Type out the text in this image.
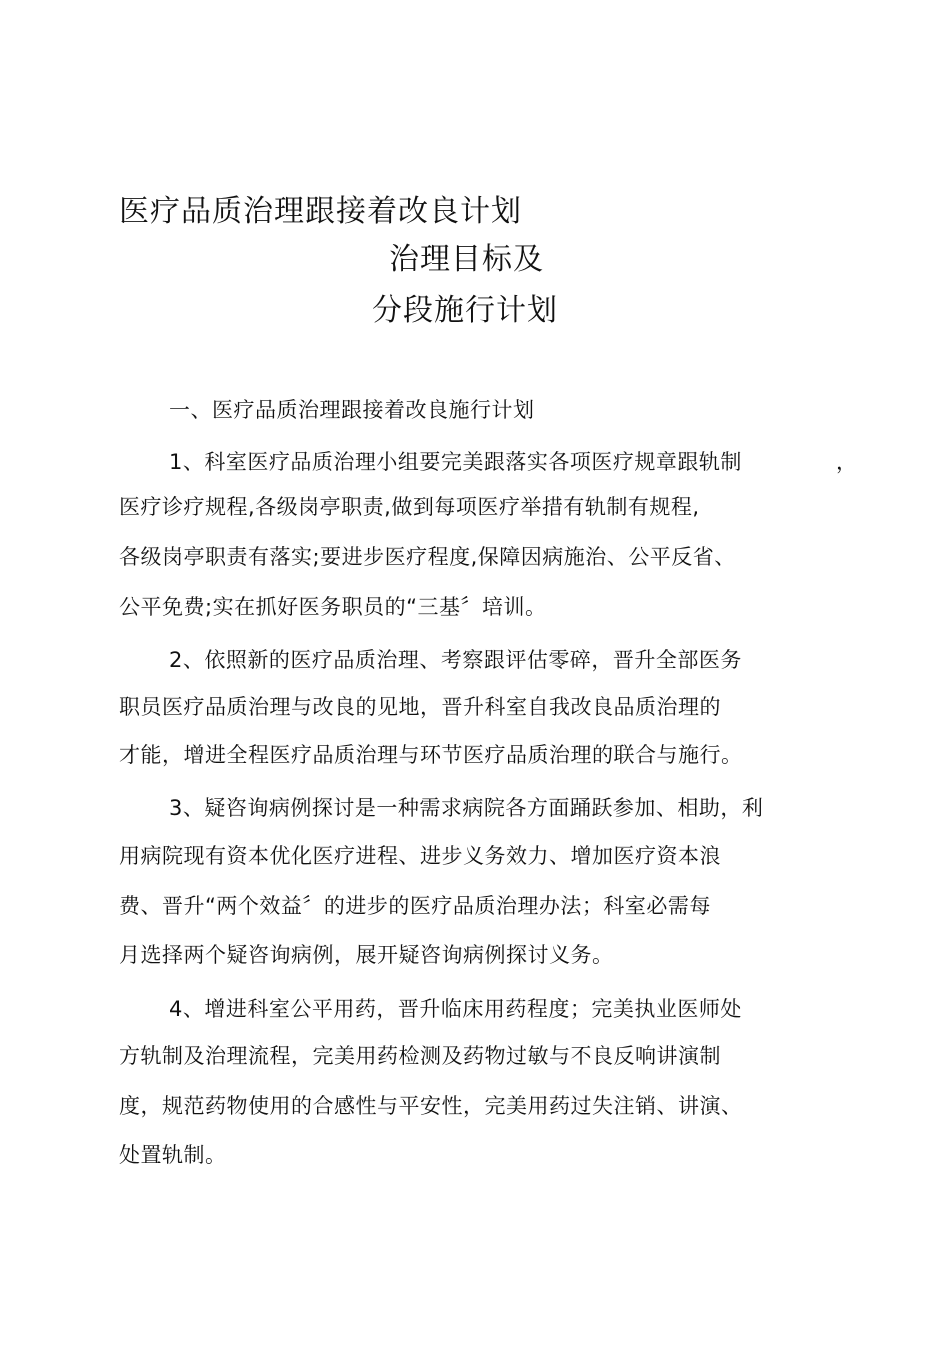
医疗品质治理跟接着改良计划
治理目标及
分段施行计划
一、医疗品质治理跟接着改良施行计划
1、科室医疗品质治理小组要完美跟落实各项医疗规章跟轨制	，
医疗诊疗规程,各级岗亭职责,做到每项医疗举措有轨制有规程,
各级岗亭职责有落实;要进步医疗程度,保障因病施治、公平反省、
公平免费;实在抓好医务职员的“三基〞培训。
2、依照新的医疗品质治理、考察跟评估零碎，晋升全部医务
职员医疗品质治理与改良的见地，晋升科室自我改良品质治理的
才能，增进全程医疗品质治理与环节医疗品质治理的联合与施行。
3、疑咨询病例探讨是一种需求病院各方面踊跃参加、相助，利
用病院现有资本优化医疗进程、进步义务效力、增加医疗资本浪
费、晋升“两个效益〞的进步的医疗品质治理办法；科室必需每
月选择两个疑咨询病例，展开疑咨询病例探讨义务。
4、增进科室公平用药，晋升临床用药程度；完美执业医师处
方轨制及治理流程，完美用药检测及药物过敏与不良反响讲演制
度，规范药物使用的合感性与平安性，完美用药过失注销、讲演、
处置轨制。
